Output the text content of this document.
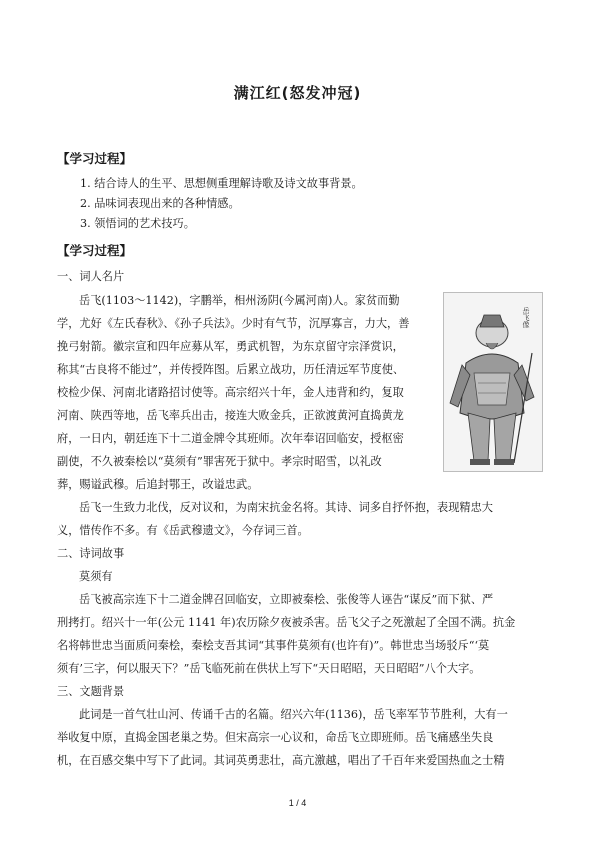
满江红(怒发冲冠)
【学习过程】
1. 结合诗人的生平、思想侧重理解诗歌及诗文故事背景。
2. 品味词表现出来的各种情感。
3. 领悟词的艺术技巧。
【学习过程】
一、词人名片
岳飞(1103～1142)，字鹏举，相州汤阴(今属河南)人。家贫而勤
学，尤好《左氏春秋》、《孙子兵法》。少时有气节，沉厚寡言，力大，善
挽弓射箭。徽宗宣和四年应募从军，勇武机智，为东京留守宗泽赏识，
称其“古良将不能过”，并传授阵图。后累立战功，历任清远军节度使、
校检少保、河南北诸路招讨使等。高宗绍兴十年，金人违背和约，复取
河南、陕西等地，岳飞率兵出击，接连大败金兵，正欲渡黄河直捣黄龙
府，一日内，朝廷连下十二道金牌令其班师。次年奉诏回临安，授枢密
副使，不久被秦桧以“莫须有”罪害死于狱中。孝宗时昭雪，以礼改
葬，赐谥武穆。后追封鄂王，改谥忠武。
岳飞像
岳飞一生致力北伐，反对议和，为南宋抗金名将。其诗、词多自抒怀抱，表现精忠大
义，惜传作不多。有《岳武穆遗文》，今存词三首。
二、诗词故事
莫须有
岳飞被高宗连下十二道金牌召回临安，立即被秦桧、张俊等人诬告“谋反”而下狱、严
刑拷打。绍兴十一年(公元 1141 年)农历除夕夜被杀害。岳飞父子之死激起了全国不满。抗金
名将韩世忠当面质问秦桧，秦桧支吾其词“其事件莫须有(也许有)”。韩世忠当场驳斥“‘莫
须有’三字，何以服天下？”岳飞临死前在供状上写下“天日昭昭，天日昭昭”八个大字。
三、文题背景
此词是一首气壮山河、传诵千古的名篇。绍兴六年(1136)，岳飞率军节节胜利，大有一
举收复中原，直捣金国老巢之势。但宋高宗一心议和，命岳飞立即班师。岳飞痛感坐失良
机，在百感交集中写下了此词。其词英勇悲壮，高亢激越，唱出了千百年来爱国热血之士精
1 / 4
